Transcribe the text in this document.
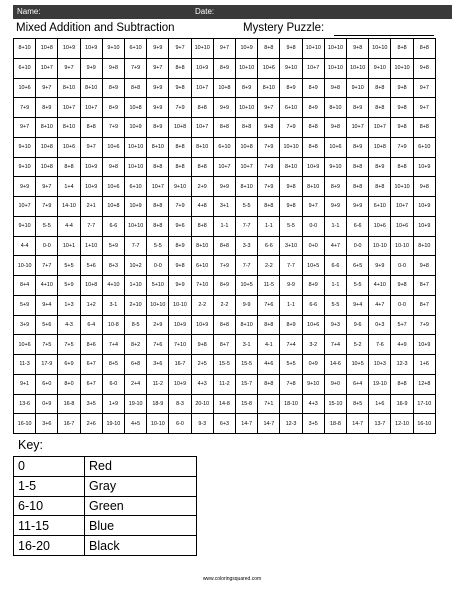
Name:	Date:
Mixed Addition and Subtraction	Mystery Puzzle:
8+10	10+8	10+9	10+9	9+10	6+10	9+9	9+7	10+10	9+7	10+9	8+8	9+8	10+10	10+10	9+8	10+10	8+8	8+8
6+10	10+7	9+7	9+9	9+8	7+9	9+7	8+8	10+9	8+9	10+10	10+6	9+10	10+7	10+10	10+10	9+10	10+10	9+8
10+6	9+7	8+10	8+10	8+9	8+8	9+9	9+8	10+7	10+8	8+9	8+10	8+9	8+9	9+8	9+10	8+8	9+8	9+7
7+9	8+9	10+7	10+7	8+9	10+8	9+9	7+9	8+8	9+9	10+10	9+7	6+10	8+9	8+10	8+9	8+8	9+8	9+7
9+7	8+10	8+10	8+8	7+9	10+9	8+9	10+8	10+7	8+8	8+8	9+8	7+9	8+8	9+8	10+7	10+7	9+8	8+8
9+10	10+8	10+6	9+7	10+6	10+10	8+10	8+8	8+10	6+10	10+8	7+9	10+10	8+8	10+6	8+9	10+8	7+9	6+10
9+10	10+8	8+8	10+9	9+8	10+10	8+8	8+8	8+8	10+7	10+7	7+9	8+10	10+9	9+10	8+8	8+9	8+8	10+9
9+9	9+7	1+4	10+9	10+6	6+10	10+7	9+10	2+9	9+9	8+10	7+9	9+8	8+10	8+9	8+8	8+8	10+10	9+8
10+7	7+9	14-10	2+1	10+8	10+9	8+8	7+9	4+8	3+1	5-5	8+8	9+8	9+7	9+9	9+9	6+10	10+7	10+9
9+10	5-5	4-4	7-7	6-6	10+10	8+8	9+6	8+8	1-1	7-7	1-1	5-5	0-0	1-1	6-6	10+6	10+6	10+9
4-4	0-0	10+1	1+10	5+9	7-7	5-5	8+9	8+10	8+8	3-3	6-6	3+10	0+0	4+7	0-0	10-10	10-10	8+10
10-10	7+7	5+5	5+6	8+3	10+2	0-0	9+8	6+10	7+9	7-7	2-2	7-7	10+5	6-6	6+5	9+9	0-0	9+8
8+4	4+10	5+9	10+8	4+10	1+10	5+10	9+9	7+10	8+9	10+5	11-5	9-9	8+9	1-1	5-5	4+10	9+8	8+7
5+9	9+4	1+3	1+2	3-1	2+10	10+10	10-10	2-2	2-2	9-9	7+6	1-1	6-6	5-5	9+4	4+7	0-0	8+7
3+9	5+6	4-3	6-4	10-8	8-5	2+9	10+9	10+9	8+8	8+10	8+8	8+9	10+6	9+3	9-6	0+3	5+7	7+9
10+6	7+5	7+5	8+6	7+4	8+2	7+6	7+10	9+8	8+7	3-1	4-1	7+4	3-2	7+4	5-2	7-6	4+9	10+9
11-3	17-9	6+9	6+7	8+5	6+8	3+6	16-7	2+5	15-5	15-5	4+6	5+5	0+9	14-6	10+5	10+3	12-3	1+6
9+1	6+0	8+0	6+7	6-0	2+4	11-2	10+9	4+3	11-2	15-7	8+8	7+8	9+10	9+0	6+4	19-10	8+8	12+8
13-6	0+9	16-8	3+5	1+9	19-10	18-9	8-3	20-10	14-8	15-8	7+1	18-10	4+3	15-10	8+5	1+6	16-9	17-10
16-10	3+6	16-7	2+6	19-10	4+5	10-10	6-0	9-3	6+3	14-7	14-7	12-3	3+5	18-8	14-7	13-7	12-10	16-10
Key:
0	Red
1-5	Gray
6-10	Green
11-15	Blue
16-20	Black
www.coloringsquared.com
